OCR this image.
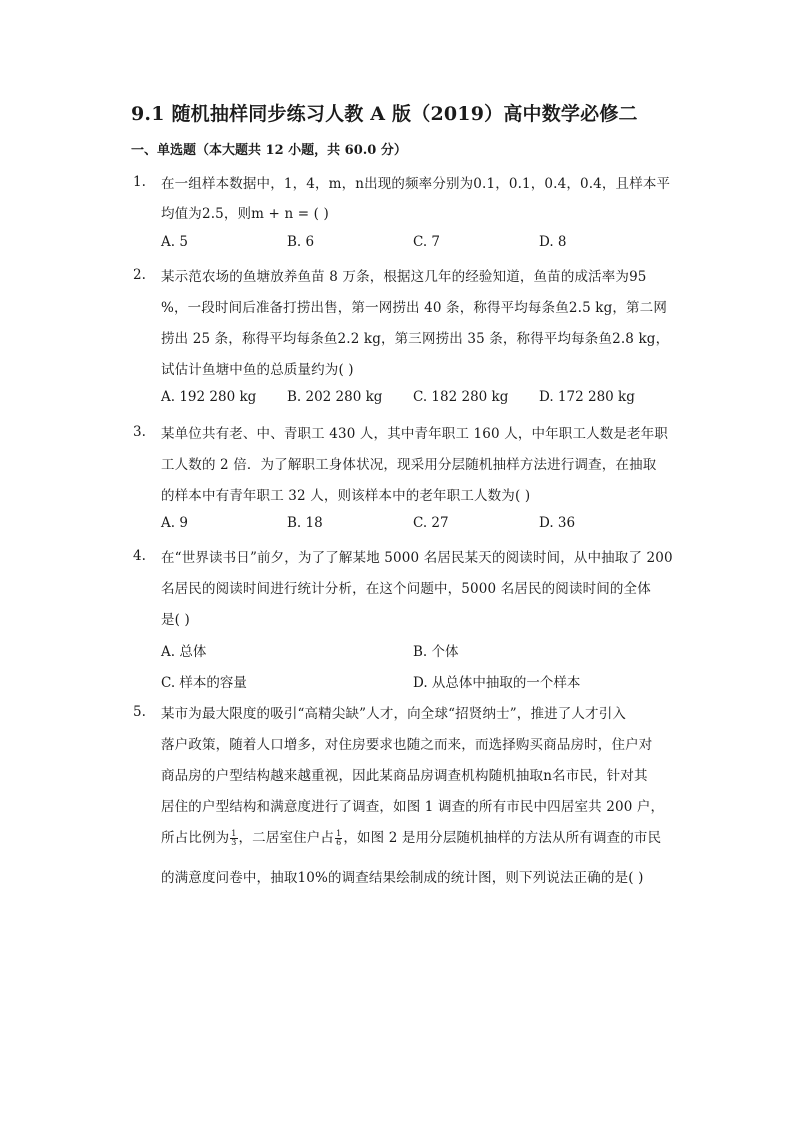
9.1 随机抽样同步练习人教 A 版（2019）高中数学必修二
一、单选题（本大题共 12 小题，共 60.0 分）
1. 在一组样本数据中，1，4，m，n出现的频率分别为0.1，0.1，0.4，0.4，且样本平
均值为2.5，则m + n = ( )
A. 5	B. 6	C. 7	D. 8
2. 某示范农场的鱼塘放养鱼苗 8 万条，根据这几年的经验知道，鱼苗的成活率为95
%，一段时间后准备打捞出售，第一网捞出 40 条，称得平均每条鱼2.5 kg，第二网
捞出 25 条，称得平均每条鱼2.2 kg，第三网捞出 35 条，称得平均每条鱼2.8 kg，
试估计鱼塘中鱼的总质量约为( )
A. 192 280 kg B. 202 280 kg C. 182 280 kg D. 172 280 kg
3. 某单位共有老、中、青职工 430 人，其中青年职工 160 人，中年职工人数是老年职
工人数的 2 倍．为了解职工身体状况，现采用分层随机抽样方法进行调查，在抽取
的样本中有青年职工 32 人，则该样本中的老年职工人数为( )
A. 9	B. 18	C. 27	D. 36
4. 在“世界读书日”前夕，为了了解某地 5000 名居民某天的阅读时间，从中抽取了 200
名居民的阅读时间进行统计分析，在这个问题中，5000 名居民的阅读时间的全体
是( )
A. 总体	B. 个体
C. 样本的容量	D. 从总体中抽取的一个样本
5. 某市为最大限度的吸引“高精尖缺”人才，向全球“招贤纳士”，推进了人才引入
落户政策，随着人口增多，对住房要求也随之而来，而选择购买商品房时，住户对
商品房的户型结构越来越重视，因此某商品房调查机构随机抽取n名市民，针对其
居住的户型结构和满意度进行了调查，如图 1 调查的所有市民中四居室共 200 户，
所占比例为 $\frac{1}{3}$ ，二居室住户占 $\frac{1}{6}$ ，如图 2 是用分层随机抽样的方法从所有调查的市民
的满意度问卷中，抽取10%的调查结果绘制成的统计图，则下列说法正确的是( )
